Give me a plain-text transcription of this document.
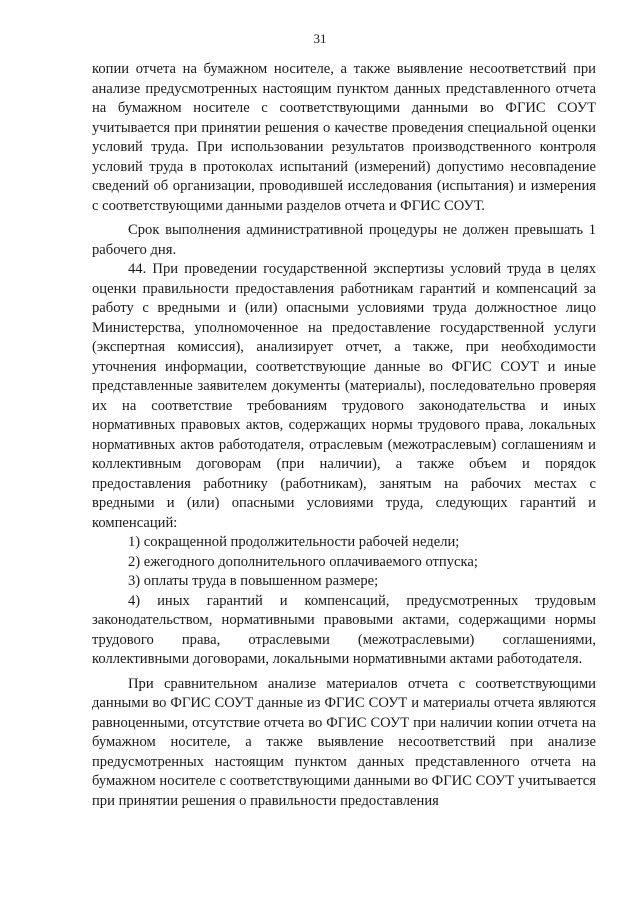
31

копии отчета на бумажном носителе, а также выявление несоответствий при анализе предусмотренных настоящим пунктом данных представленного отчета на бумажном носителе с соответствующими данными во ФГИС СОУТ учитывается при принятии решения о качестве проведения специальной оценки условий труда. При использовании результатов производственного контроля условий труда в протоколах испытаний (измерений) допустимо несовпадение сведений об организации, проводившей исследования (испытания) и измерения с соответствующими данными разделов отчета и ФГИС СОУТ.

Срок выполнения административной процедуры не должен превышать 1 рабочего дня.

44. При проведении государственной экспертизы условий труда в целях оценки правильности предоставления работникам гарантий и компенсаций за работу с вредными и (или) опасными условиями труда должностное лицо Министерства, уполномоченное на предоставление государственной услуги (экспертная комиссия), анализирует отчет, а также, при необходимости уточнения информации, соответствующие данные во ФГИС СОУТ и иные представленные заявителем документы (материалы), последовательно проверяя их на соответствие требованиям трудового законодательства и иных нормативных правовых актов, содержащих нормы трудового права, локальных нормативных актов работодателя, отраслевым (межотраслевым) соглашениям и коллективным договорам (при наличии), а также объем и порядок предоставления работнику (работникам), занятым на рабочих местах с вредными и (или) опасными условиями труда, следующих гарантий и компенсаций:

1) сокращенной продолжительности рабочей недели;

2) ежегодного дополнительного оплачиваемого отпуска;

3) оплаты труда в повышенном размере;

4) иных гарантий и компенсаций, предусмотренных трудовым законодательством, нормативными правовыми актами, содержащими нормы трудового права, отраслевыми (межотраслевыми) соглашениями, коллективными договорами, локальными нормативными актами работодателя.

При сравнительном анализе материалов отчета с соответствующими данными во ФГИС СОУТ данные из ФГИС СОУТ и материалы отчета являются равноценными, отсутствие отчета во ФГИС СОУТ при наличии копии отчета на бумажном носителе, а также выявление несоответствий при анализе предусмотренных настоящим пунктом данных представленного отчета на бумажном носителе с соответствующими данными во ФГИС СОУТ учитывается при принятии решения о правильности предоставления
